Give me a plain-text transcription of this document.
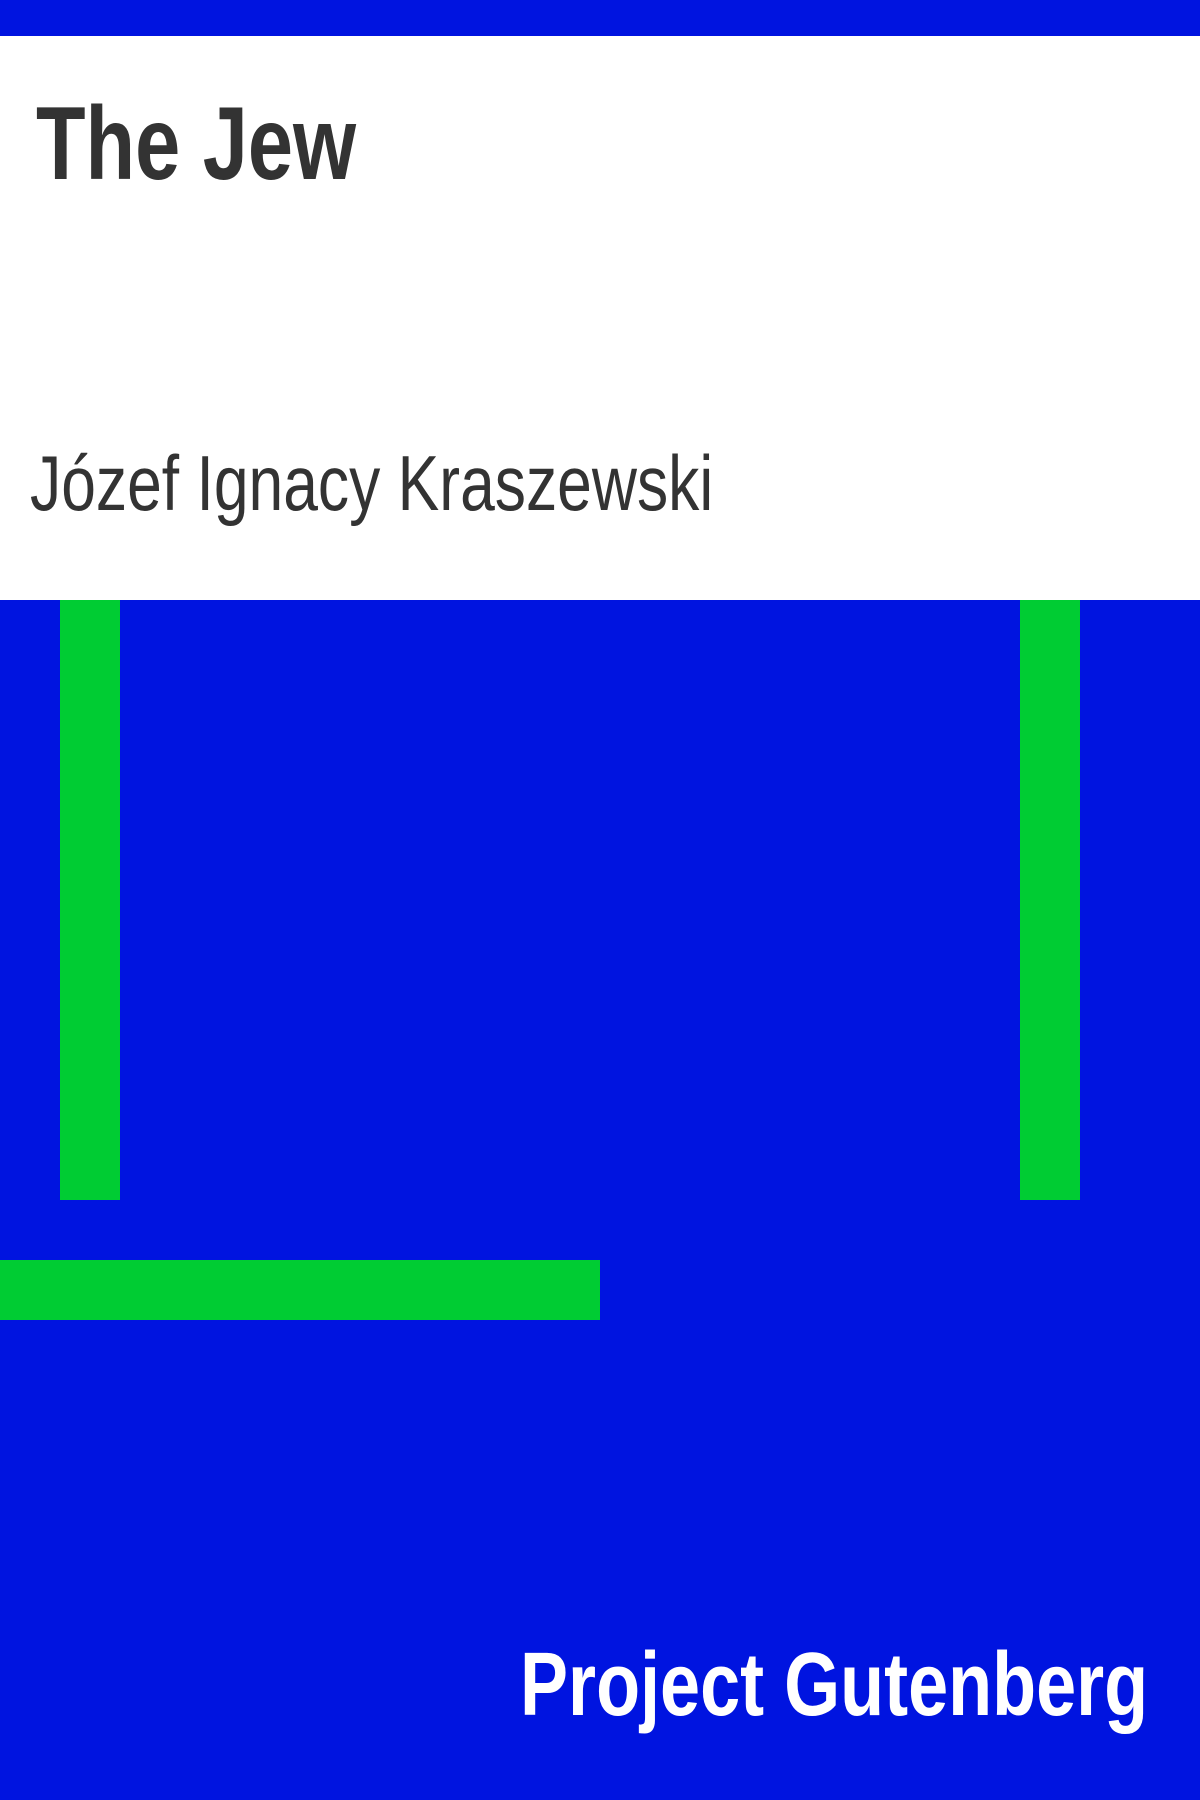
The Jew

Józef Ignacy Kraszewski

Project Gutenberg
